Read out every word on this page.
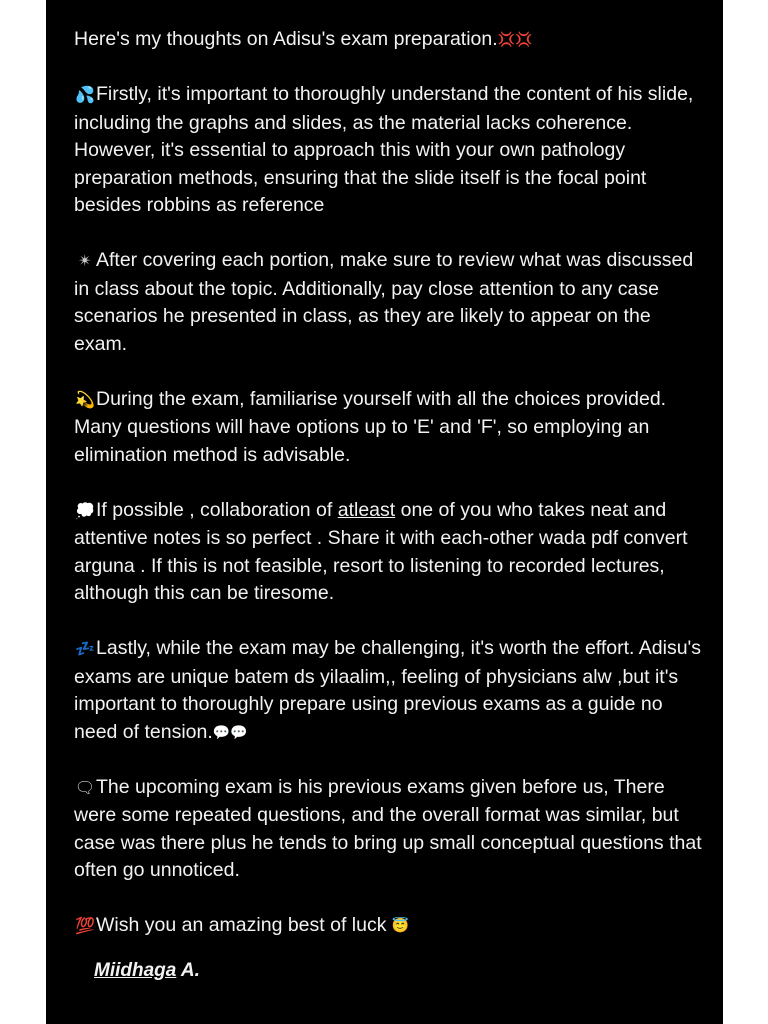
Here's my thoughts on Adisu's exam preparation.💢💢

💦Firstly, it's important to thoroughly understand the content of his slide, including the graphs and slides, as the material lacks coherence. However, it's essential to approach this with your own pathology preparation methods, ensuring that the slide itself is the focal point besides robbins as reference

✴ After covering each portion, make sure to review what was discussed in class about the topic. Additionally, pay close attention to any case scenarios he presented in class, as they are likely to appear on the exam.

💫During the exam, familiarise yourself with all the choices provided. Many questions will have options up to 'E' and 'F', so employing an elimination method is advisable.

💭If possible , collaboration of atleast one of you who takes neat and attentive notes is so perfect . Share it with each-other wada pdf convert arguna . If this is not feasible, resort to listening to recorded lectures, although this can be tiresome.

💤Lastly, while the exam may be challenging, it's worth the effort. Adisu's exams are unique batem ds yilaalim,, feeling of physicians alw ,but it's important to thoroughly prepare using previous exams as a guide no need of tension.💬💬

🗨The upcoming exam is his previous exams given before us, There were some repeated questions, and the overall format was similar, but case was there plus he tends to bring up small conceptual questions that often go unnoticed.

💯Wish you an amazing best of luck 😇

Miidhaga A.
